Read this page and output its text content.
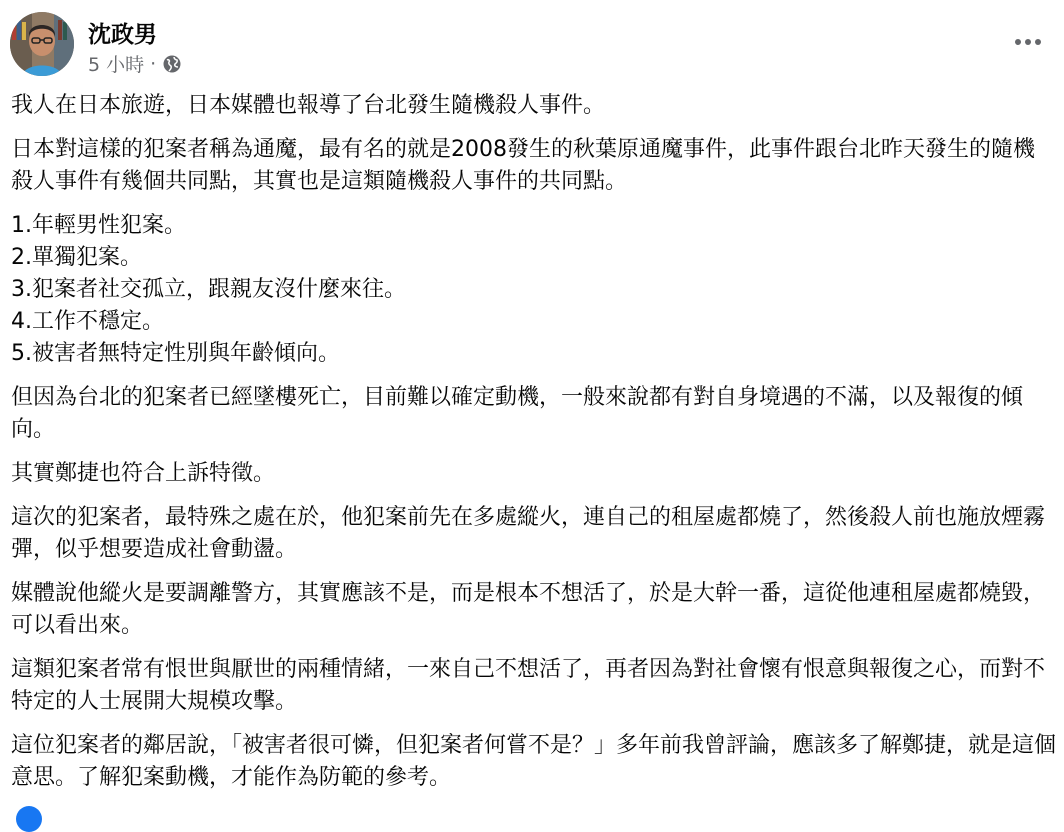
沈政男
5 小時 ·

我人在日本旅遊，日本媒體也報導了台北發生隨機殺人事件。

日本對這樣的犯案者稱為通魔，最有名的就是2008發生的秋葉原通魔事件，此事件跟台北昨天發生的隨機殺人事件有幾個共同點，其實也是這類隨機殺人事件的共同點。

1.年輕男性犯案。
2.單獨犯案。
3.犯案者社交孤立，跟親友沒什麼來往。
4.工作不穩定。
5.被害者無特定性別與年齡傾向。

但因為台北的犯案者已經墜樓死亡，目前難以確定動機，一般來說都有對自身境遇的不滿，以及報復的傾向。

其實鄭捷也符合上訴特徵。

這次的犯案者，最特殊之處在於，他犯案前先在多處縱火，連自己的租屋處都燒了，然後殺人前也施放煙霧彈，似乎想要造成社會動盪。

媒體說他縱火是要調離警方，其實應該不是，而是根本不想活了，於是大幹一番，這從他連租屋處都燒毀，可以看出來。

這類犯案者常有恨世與厭世的兩種情緒，一來自己不想活了，再者因為對社會懷有恨意與報復之心，而對不特定的人士展開大規模攻擊。

這位犯案者的鄰居說，「被害者很可憐，但犯案者何嘗不是？」多年前我曾評論，應該多了解鄭捷，就是這個意思。了解犯案動機，才能作為防範的參考。
